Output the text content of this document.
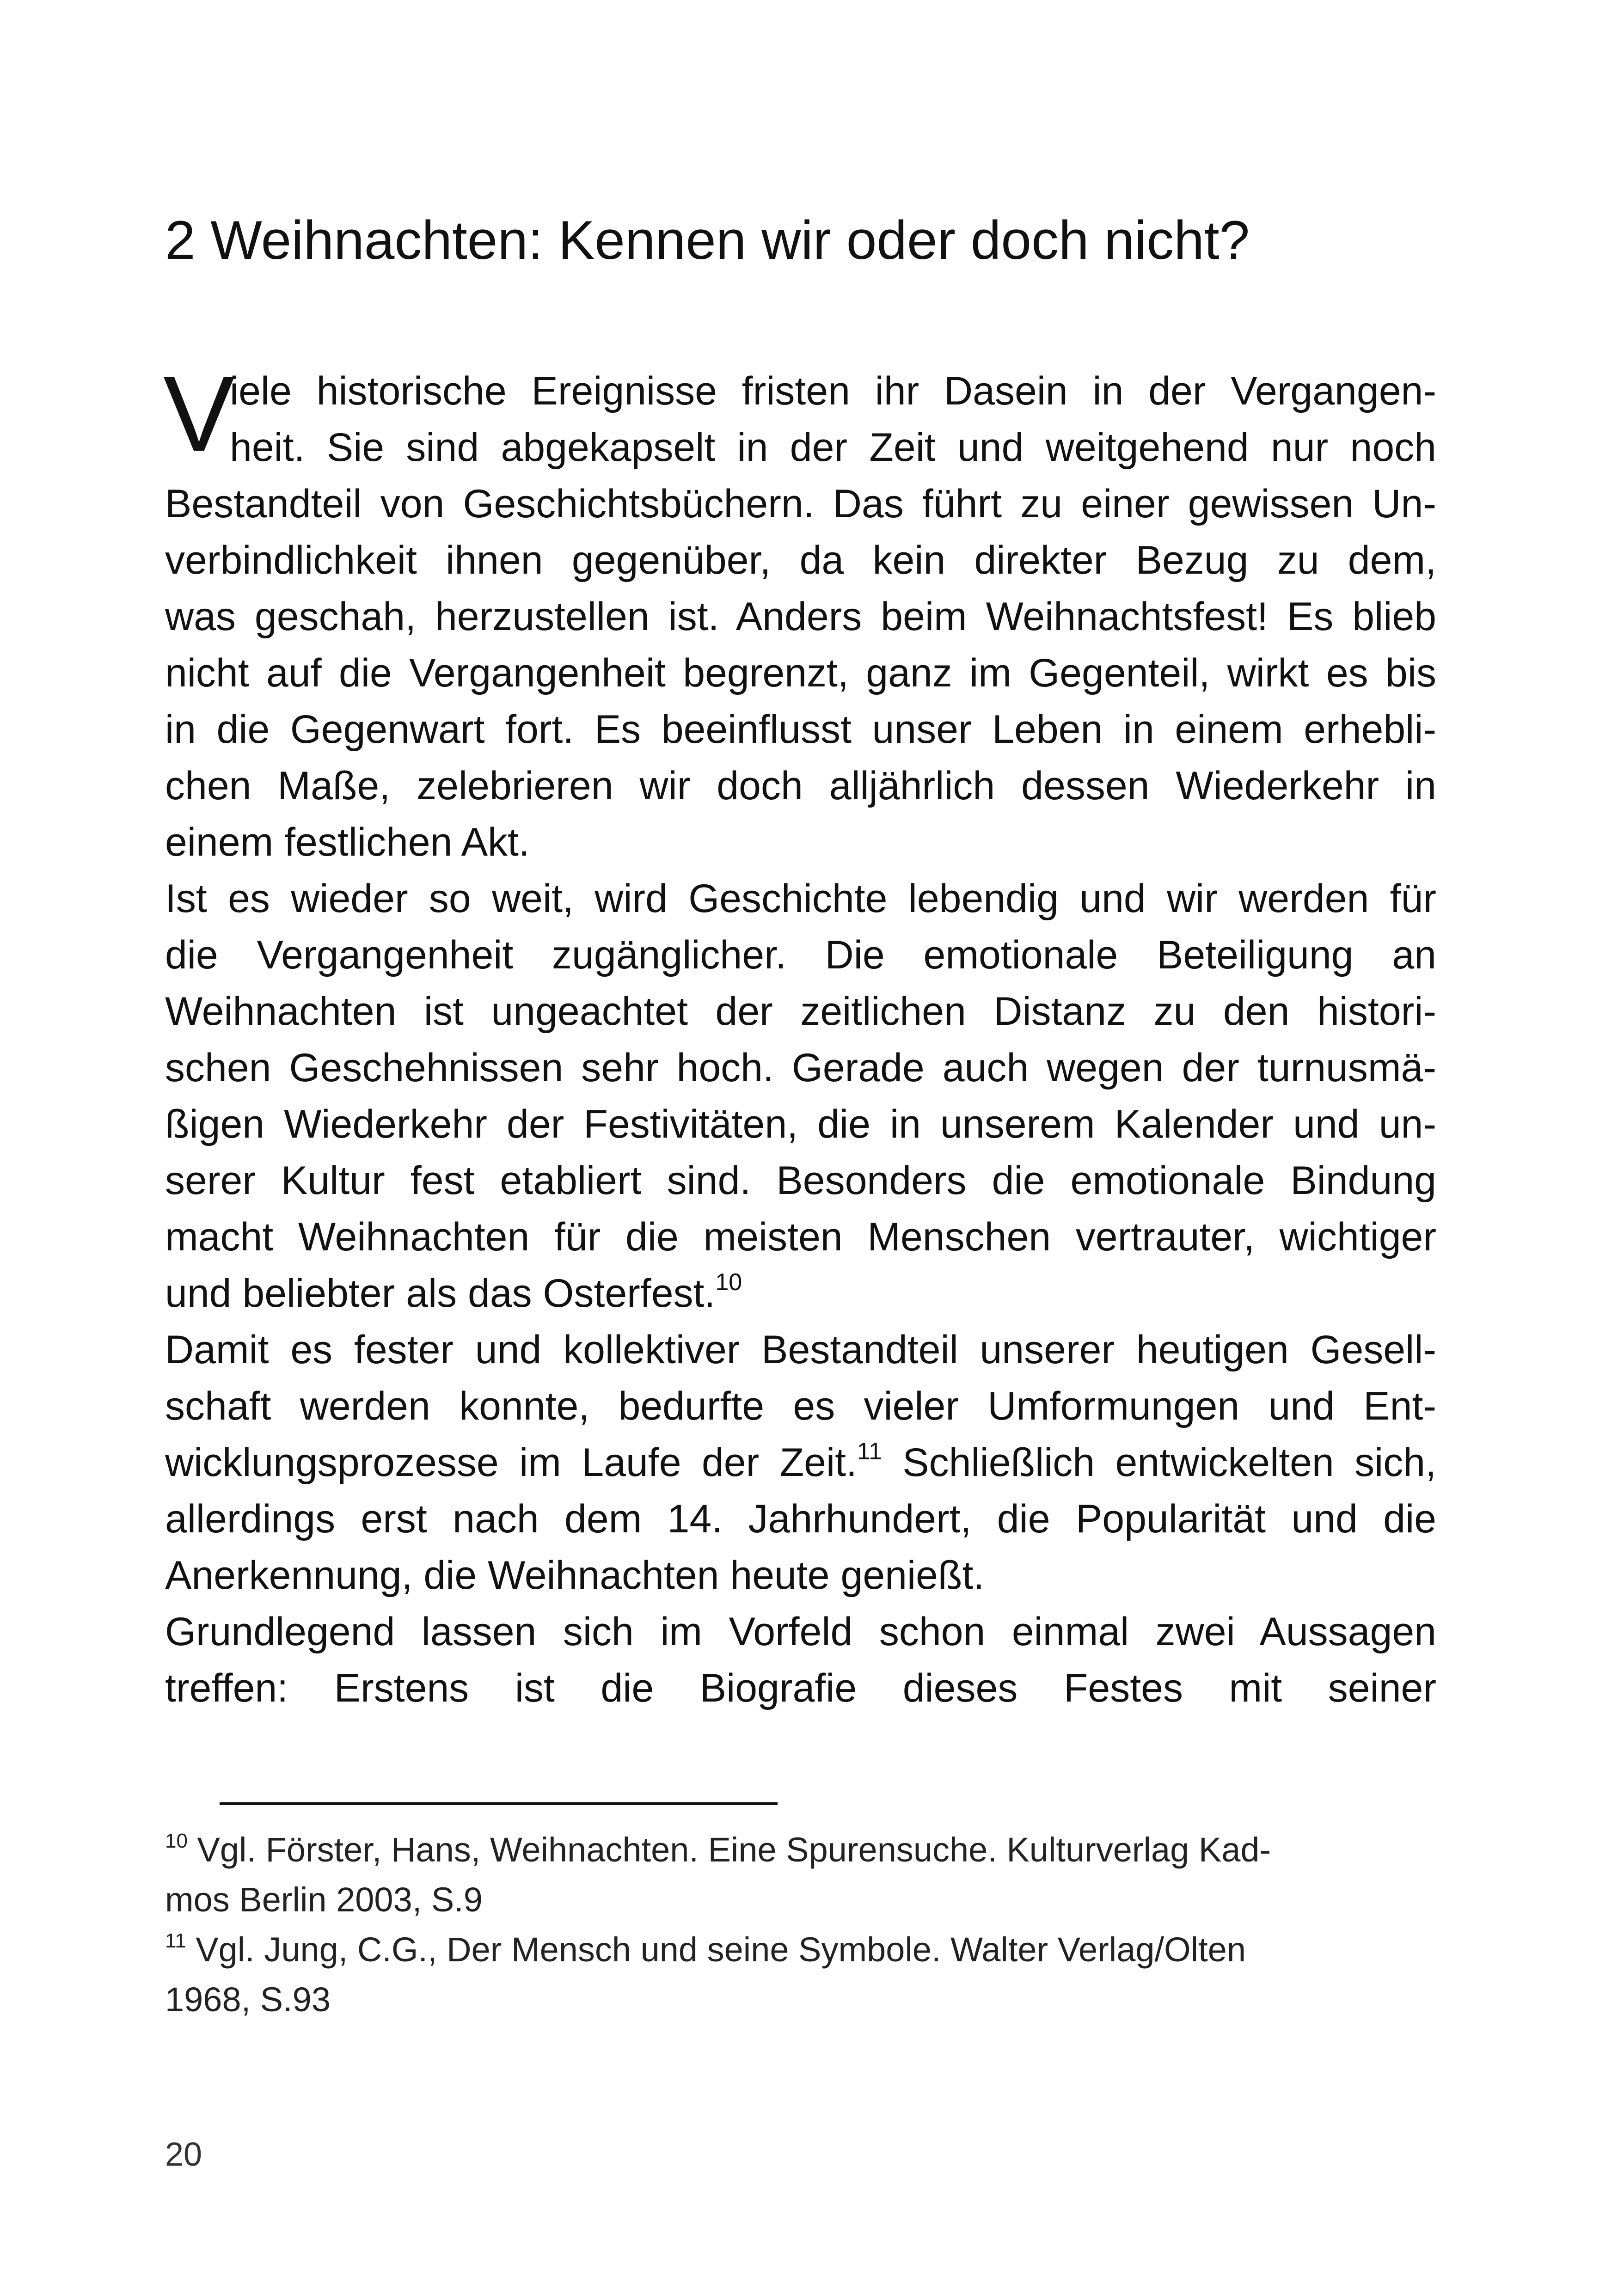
2 Weihnachten: Kennen wir oder doch nicht?
V
iele historische Ereignisse fristen ihr Dasein in der Vergangen-
heit. Sie sind abgekapselt in der Zeit und weitgehend nur noch
Bestandteil von Geschichtsbüchern. Das führt zu einer gewissen Un-
verbindlichkeit ihnen gegenüber, da kein direkter Bezug zu dem,
was geschah, herzustellen ist. Anders beim Weihnachtsfest! Es blieb
nicht auf die Vergangenheit begrenzt, ganz im Gegenteil, wirkt es bis
in die Gegenwart fort. Es beeinflusst unser Leben in einem erhebli-
chen Maße, zelebrieren wir doch alljährlich dessen Wiederkehr in
einem festlichen Akt.
Ist es wieder so weit, wird Geschichte lebendig und wir werden für
die Vergangenheit zugänglicher. Die emotionale Beteiligung an
Weihnachten ist ungeachtet der zeitlichen Distanz zu den histori-
schen Geschehnissen sehr hoch. Gerade auch wegen der turnusmä-
ßigen Wiederkehr der Festivitäten, die in unserem Kalender und un-
serer Kultur fest etabliert sind. Besonders die emotionale Bindung
macht Weihnachten für die meisten Menschen vertrauter, wichtiger
und beliebter als das Osterfest.$^{10}$
Damit es fester und kollektiver Bestandteil unserer heutigen Gesell-
schaft werden konnte, bedurfte es vieler Umformungen und Ent-
wicklungsprozesse im Laufe der Zeit.$^{11}$ Schließlich entwickelten sich,
allerdings erst nach dem 14. Jahrhundert, die Popularität und die
Anerkennung, die Weihnachten heute genießt.
Grundlegend lassen sich im Vorfeld schon einmal zwei Aussagen
treffen: Erstens ist die Biografie dieses Festes mit seiner
$^{10}$ Vgl. Förster, Hans, Weihnachten. Eine Spurensuche. Kulturverlag Kad-
mos Berlin 2003, S.9
$^{11}$ Vgl. Jung, C.G., Der Mensch und seine Symbole. Walter Verlag/Olten
1968, S.93
20
